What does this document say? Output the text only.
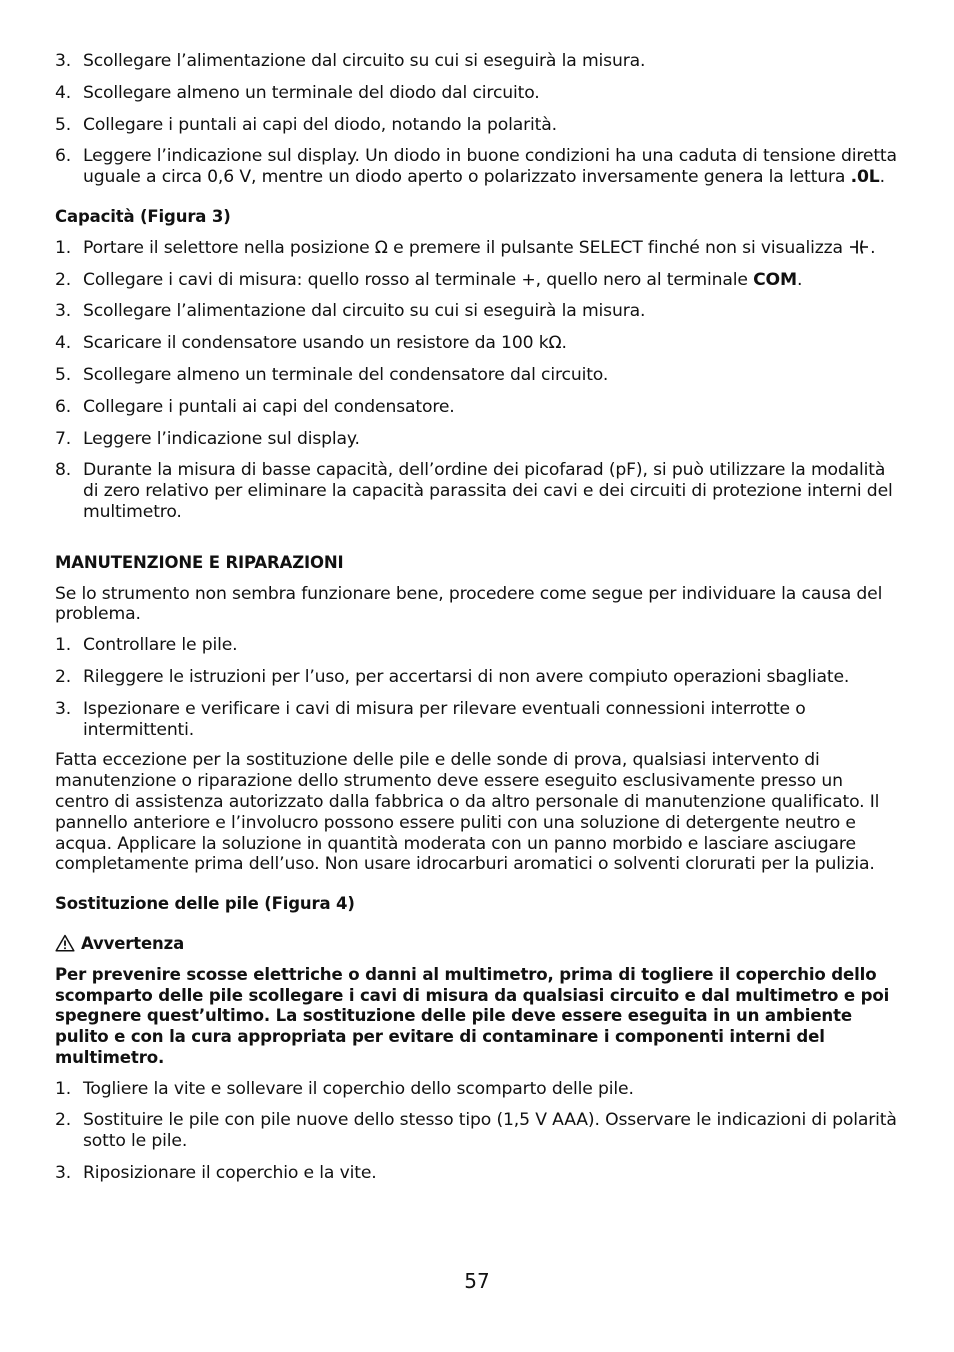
3. Scollegare l’alimentazione dal circuito su cui si eseguirà la misura.
4. Scollegare almeno un terminale del diodo dal circuito.
5. Collegare i puntali ai capi del diodo, notando la polarità.
6. Leggere l’indicazione sul display. Un diodo in buone condizioni ha una caduta di tensione diretta uguale a circa 0,6 V, mentre un diodo aperto o polarizzato inversamente genera la lettura .0L.
Capacità (Figura 3)
1. Portare il selettore nella posizione Ω e premere il pulsante SELECT finché non si visualizza .
2. Collegare i cavi di misura: quello rosso al terminale +, quello nero al terminale COM.
3. Scollegare l’alimentazione dal circuito su cui si eseguirà la misura.
4. Scaricare il condensatore usando un resistore da 100 kΩ.
5. Scollegare almeno un terminale del condensatore dal circuito.
6. Collegare i puntali ai capi del condensatore.
7. Leggere l’indicazione sul display.
8. Durante la misura di basse capacità, dell’ordine dei picofarad (pF), si può utilizzare la modalità di zero relativo per eliminare la capacità parassita dei cavi e dei circuiti di protezione interni del multimetro.
MANUTENZIONE E RIPARAZIONI

Se lo strumento non sembra funzionare bene, procedere come segue per individuare la causa del problema.

1. Controllare le pile.
2. Rileggere le istruzioni per l’uso, per accertarsi di non avere compiuto operazioni sbagliate.
3. Ispezionare e verificare i cavi di misura per rilevare eventuali connessioni interrotte o intermittenti.

Fatta eccezione per la sostituzione delle pile e delle sonde di prova, qualsiasi intervento di manutenzione o riparazione dello strumento deve essere eseguito esclusivamente presso un centro di assistenza autorizzato dalla fabbrica o da altro personale di manutenzione qualificato. Il pannello anteriore e l’involucro possono essere puliti con una soluzione di detergente neutro e acqua. Applicare la soluzione in quantità moderata con un panno morbido e lasciare asciugare completamente prima dell’uso. Non usare idrocarburi aromatici o solventi clorurati per la pulizia.

Sostituzione delle pile (Figura 4)
Avvertenza

Per prevenire scosse elettriche o danni al multimetro, prima di togliere il coperchio dello scomparto delle pile scollegare i cavi di misura da qualsiasi circuito e dal multimetro e poi spegnere quest’ultimo. La sostituzione delle pile deve essere eseguita in un ambiente pulito e con la cura appropriata per evitare di contaminare i componenti interni del multimetro.

1. Togliere la vite e sollevare il coperchio dello scomparto delle pile.
2. Sostituire le pile con pile nuove dello stesso tipo (1,5 V AAA). Osservare le indicazioni di polarità sotto le pile.
3. Riposizionare il coperchio e la vite.
57
